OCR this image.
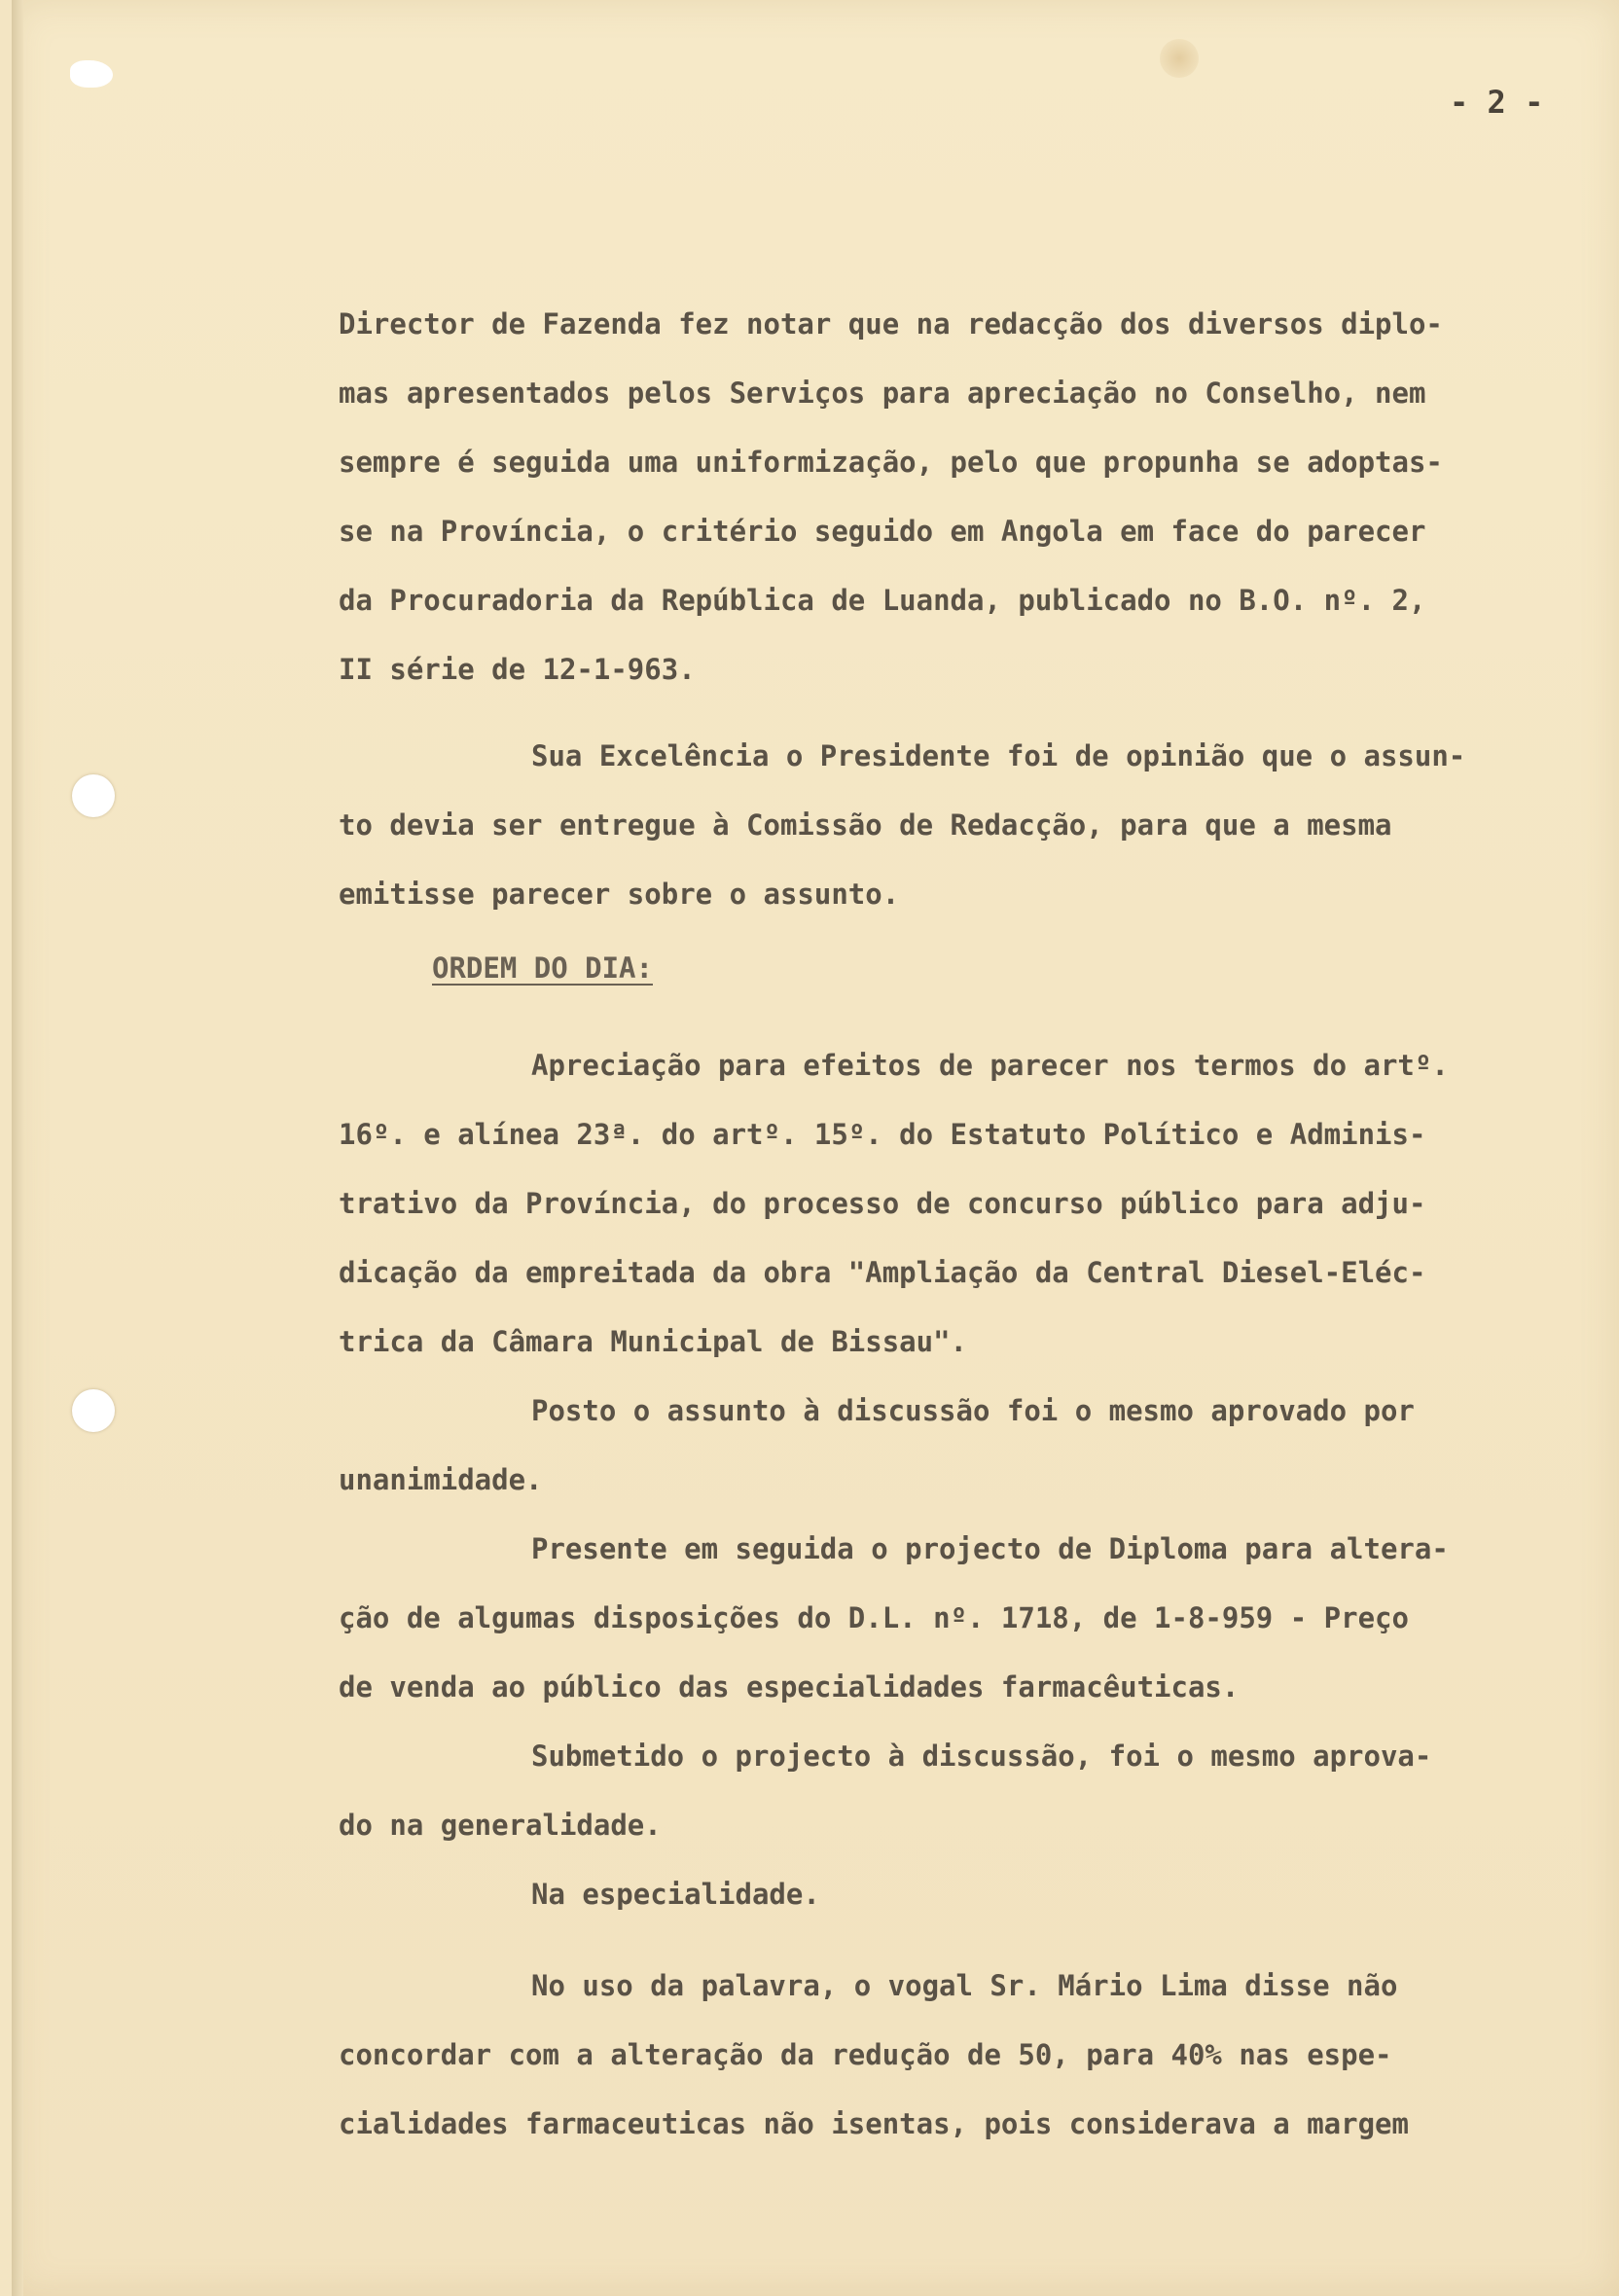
- 2 -

Director de Fazenda fez notar que na redacção dos diversos diplo-
mas apresentados pelos Serviços para apreciação no Conselho, nem
sempre é seguida uma uniformização, pelo que propunha se adoptas-
se na Província, o critério seguido em Angola em face do parecer
da Procuradoria da República de Luanda, publicado no B.O. nº. 2,
II série de 12-1-963.
Sua Excelência o Presidente foi de opinião que o assun-
to devia ser entregue à Comissão de Redacção, para que a mesma
emitisse parecer sobre o assunto.

ORDEM DO DIA:

Apreciação para efeitos de parecer nos termos do artº.
16º. e alínea 23ª. do artº. 15º. do Estatuto Político e Adminis-
trativo da Província, do processo de concurso público para adju-
dicação da empreitada da obra "Ampliação da Central Diesel-Eléc-
trica da Câmara Municipal de Bissau".
Posto o assunto à discussão foi o mesmo aprovado por
unanimidade.
Presente em seguida o projecto de Diploma para altera-
ção de algumas disposições do D.L. nº. 1718, de 1-8-959 - Preço
de venda ao público das especialidades farmacêuticas.
Submetido o projecto à discussão, foi o mesmo aprova-
do na generalidade.
Na especialidade.
No uso da palavra, o vogal Sr. Mário Lima disse não
concordar com a alteração da redução de 50, para 40% nas espe-
cialidades farmaceuticas não isentas, pois considerava a margem
